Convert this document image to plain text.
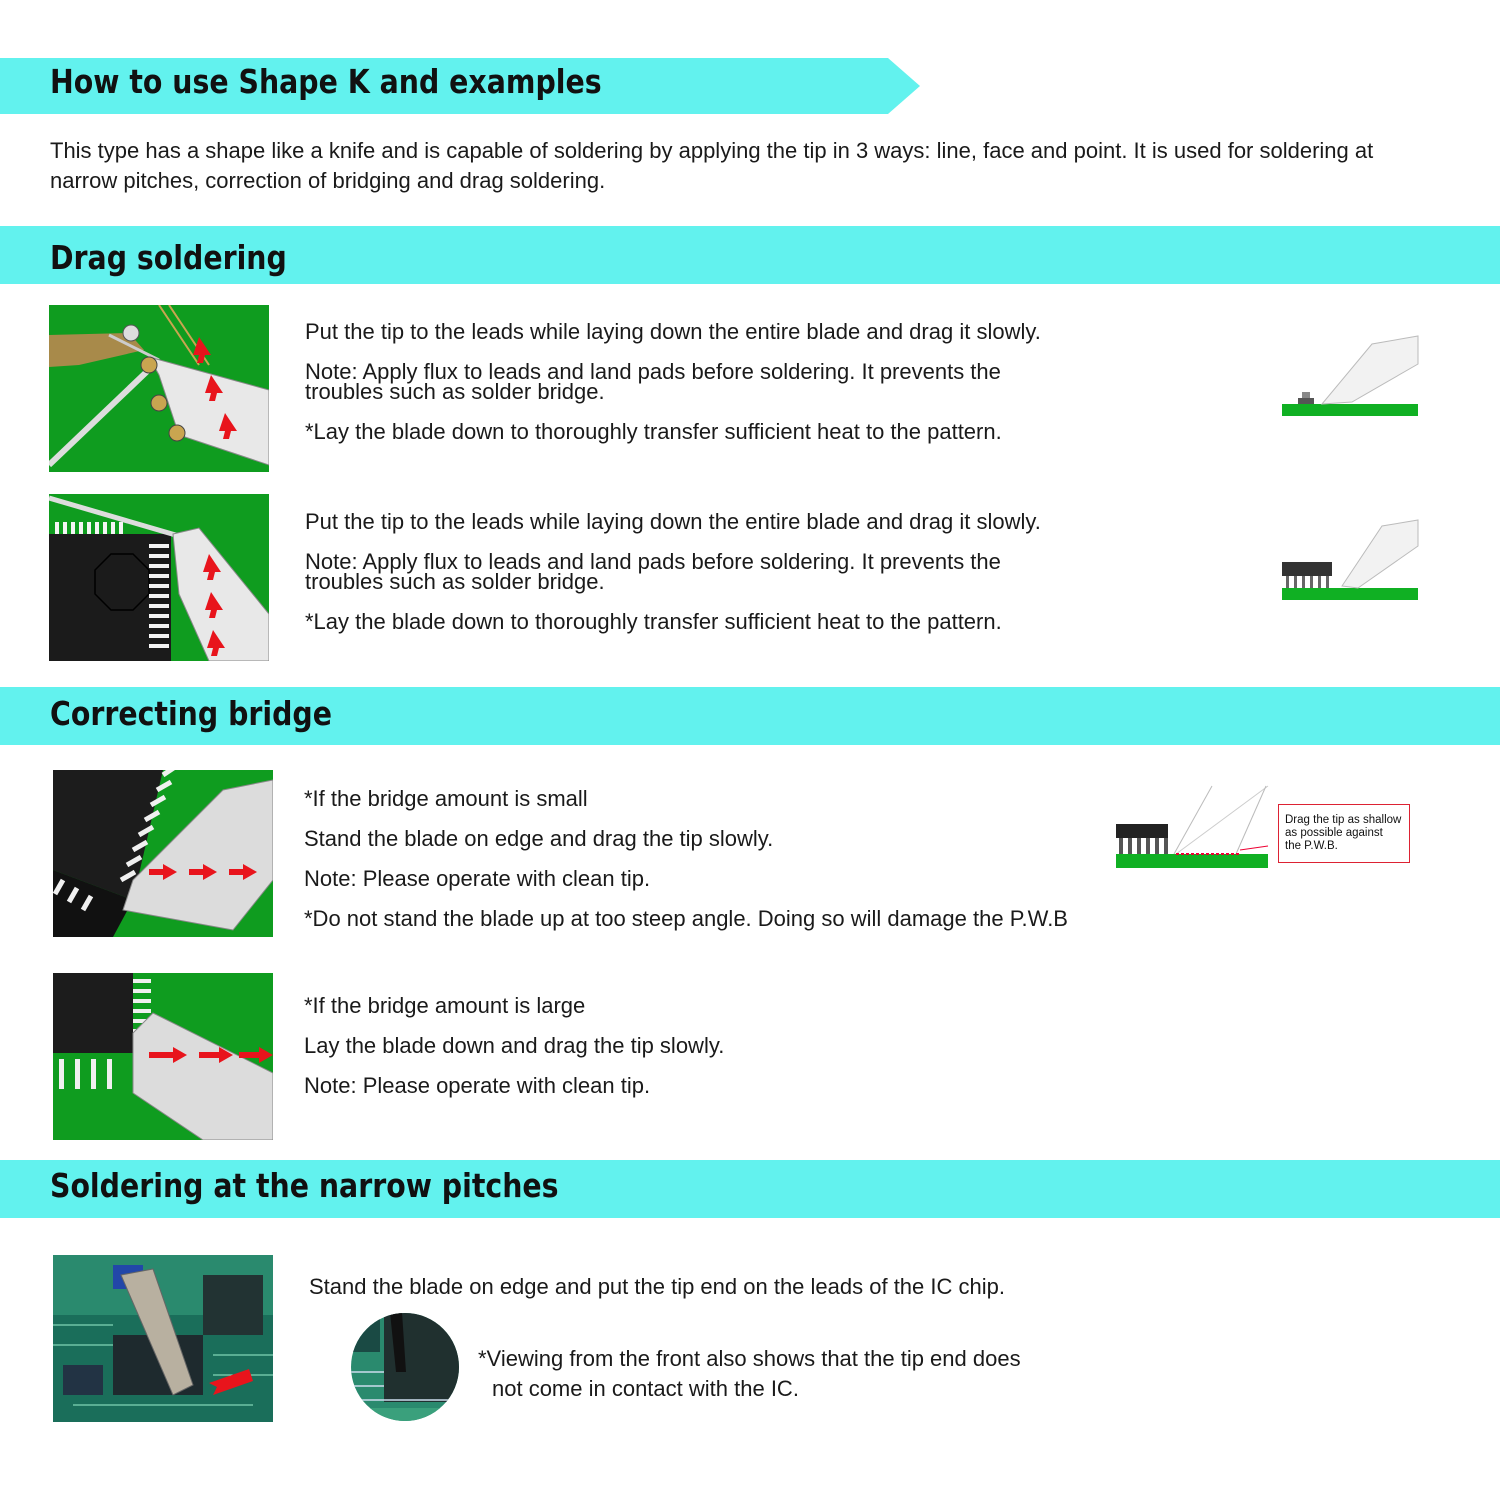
How to use Shape K and examples
This type has a shape like a knife and is capable of soldering by applying the tip in 3 ways: line, face and point. It is used for soldering at narrow pitches, correction of bridging and drag soldering.
Drag soldering
Put the tip to the leads while laying down the entire blade and drag it slowly.
Note: Apply flux to leads and land pads before soldering. It prevents the
troubles such as solder bridge.
*Lay the blade down to thoroughly transfer sufficient heat to the pattern.
Put the tip to the leads while laying down the entire blade and drag it slowly.
Note: Apply flux to leads and land pads before soldering. It prevents the
troubles such as solder bridge.
*Lay the blade down to thoroughly transfer sufficient heat to the pattern.
Correcting bridge
*If the bridge amount is small
Stand the blade on edge and drag the tip slowly.
Note: Please operate with clean tip.
*Do not stand the blade up at too steep angle. Doing so will damage the P.W.B
Drag the tip as shallow
as possible against
the P.W.B.
*If the bridge amount is large
Lay the blade down and drag the tip slowly.
Note: Please operate with clean tip.
Soldering at the narrow pitches
Stand the blade on edge and put the tip end on the leads of the IC chip.
*Viewing from the front also shows that the tip end does
not come in contact with the IC.
